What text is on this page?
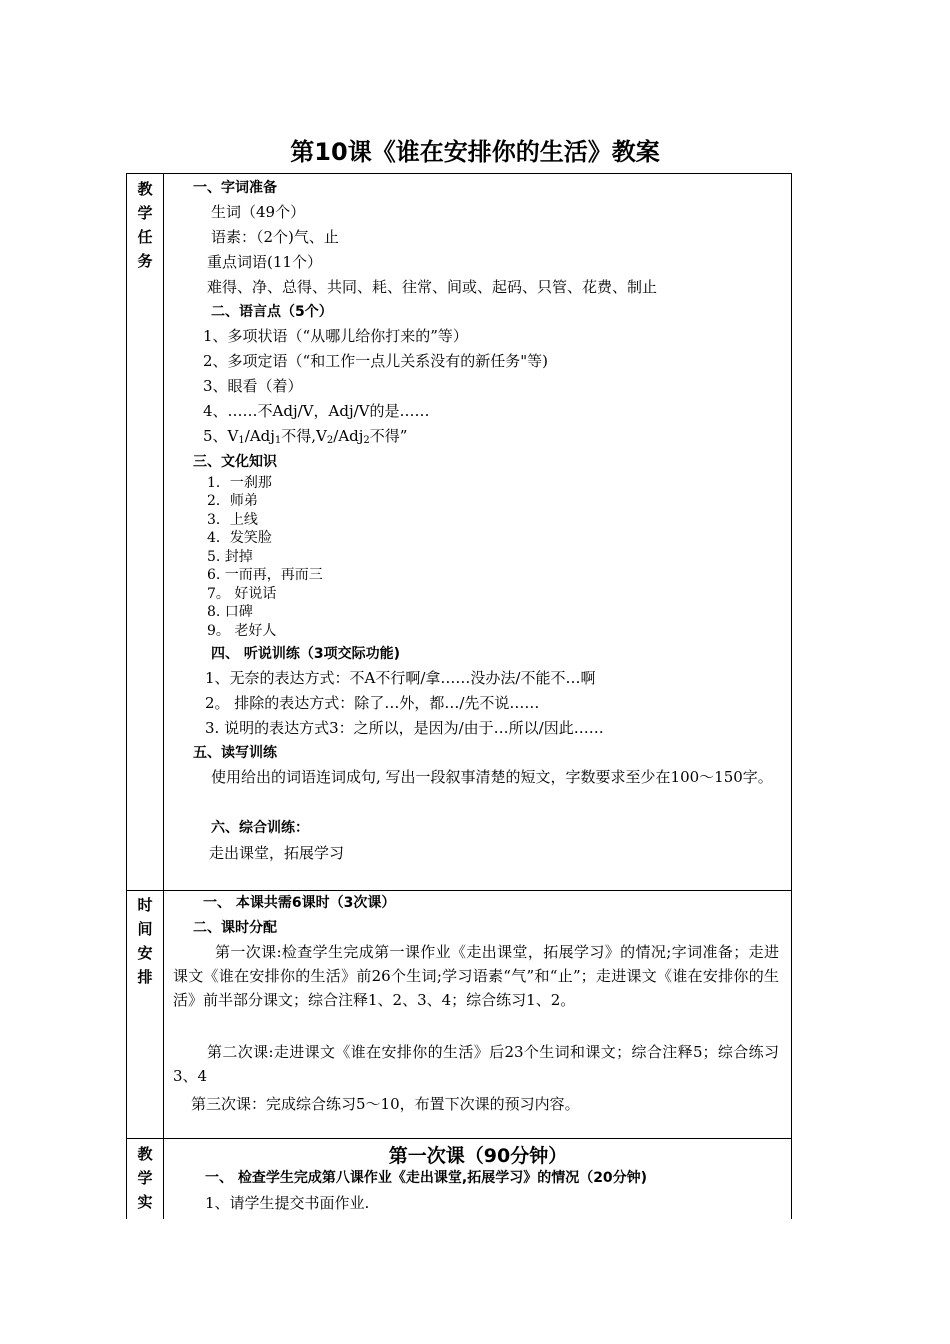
第10课《谁在安排你的生活》教案
教
学
任
务
一、字词准备
生词（49个）
语素：（2个)气、止
重点词语(11个）
难得、净、总得、共同、耗、往常、间或、起码、只管、花费、制止
二、语言点（5个）
1、多项状语（“从哪儿给你打来的”等）
2、多项定语（“和工作一点儿关系没有的新任务"等)
3、眼看（着）
4、……不Adj/V，Adj/V的是……
5、$V_1/Adj_1$不得$,V_2/Adj_2$不得”
三、文化知识
1．一刹那
2．师弟
3．上线
4．发笑脸
5. 封掉
6. 一而再，再而三
7。 好说话
8. 口碑
9。 老好人
四、 听说训练（3项交际功能)
1、无奈的表达方式：不A不行啊/拿……没办法/不能不…啊
2。 排除的表达方式：除了…外，都…/先不说……
3. 说明的表达方式3：之所以，是因为/由于…所以/因此……
五、读写训练
使用给出的词语连词成句, 写出一段叙事清楚的短文，字数要求至少在100～150字。
六、综合训练：
走出课堂，拓展学习
时
间
安
排
一、 本课共需6课时（3次课）
二、课时分配
第一次课:检查学生完成第一课作业《走出课堂，拓展学习》的情况;字词准备；走进课文《谁在安排你的生活》前26个生词;学习语素“气”和“止”；走进课文《谁在安排你的生活》前半部分课文；综合注释1、2、3、4；综合练习1、2。
第二次课:走进课文《谁在安排你的生活》后23个生词和课文；综合注释5；综合练习3、4
第三次课：完成综合练习5～10，布置下次课的预习内容。
教
学
实
第一次课（90分钟）
一、 检查学生完成第八课作业《走出课堂,拓展学习》的情况（20分钟)
1、请学生提交书面作业.
